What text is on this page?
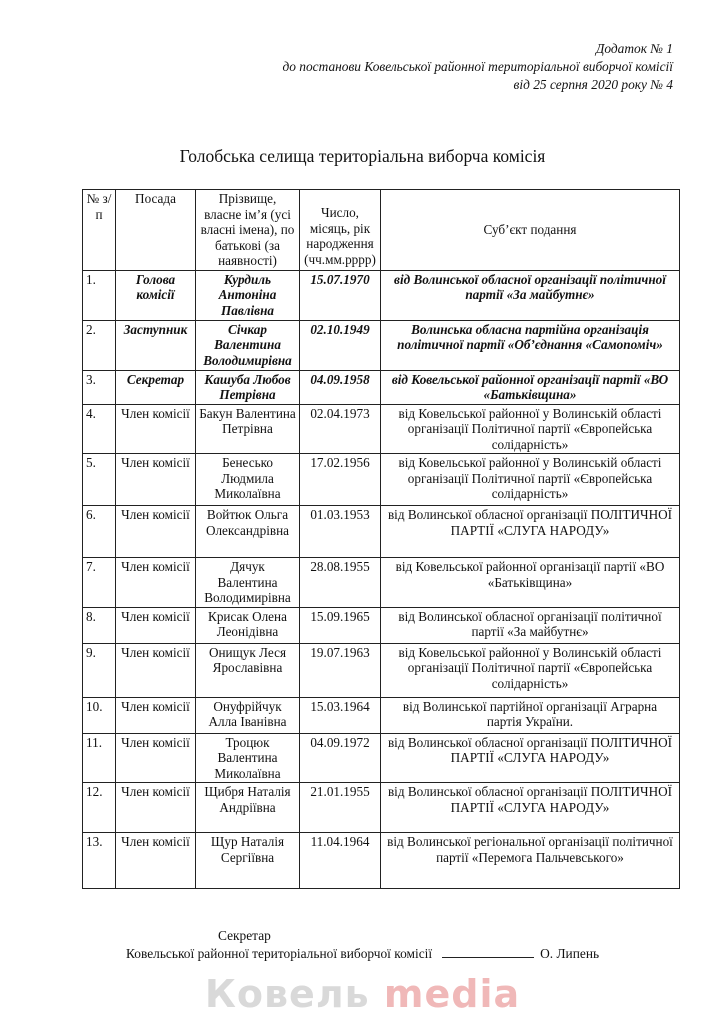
Додаток № 1
до постанови Ковельської районної територіальної виборчої комісії
від 25 серпня 2020 року № 4
Голобська селища територіальна виборча комісія
№ з/п	Посада	Прізвище, власне ім’я (усі власні імена), по батькові (за наявності)	Число, місяць, рік народження (чч.мм.рррр)	Суб’єкт подання
1.	Голова комісії	Курдиль Антоніна Павлівна	15.07.1970	від Волинської обласної організації політичної партії «За майбутнє»
2.	Заступник	Січкар Валентина Володимирівна	02.10.1949	Волинська обласна партійна організація політичної партії «Об’єднання «Самопоміч»
3.	Секретар	Кашуба Любов Петрівна	04.09.1958	від Ковельської районної організації партії «ВО «Батьківщина»
4.	Член комісії	Бакун Валентина Петрівна	02.04.1973	від Ковельської районної у Волинській області організації Політичної партії «Європейська солідарність»
5.	Член комісії	Бенесько Людмила Миколаївна	17.02.1956	від Ковельської районної у Волинській області організації Політичної партії «Європейська солідарність»
6.	Член комісії	Войтюк Ольга Олександрівна	01.03.1953	від Волинської обласної організації ПОЛІТИЧНОЇ ПАРТІЇ «СЛУГА НАРОДУ»
7.	Член комісії	Дячук Валентина Володимирівна	28.08.1955	від Ковельської районної організації партії «ВО «Батьківщина»
8.	Член комісії	Крисак Олена Леонідівна	15.09.1965	від Волинської обласної організації політичної партії «За майбутнє»
9.	Член комісії	Онищук Леся Ярославівна	19.07.1963	від Ковельської районної у Волинській області організації Політичної партії «Європейська солідарність»
10.	Член комісії	Онуфрійчук Алла Іванівна	15.03.1964	від Волинської партійної організації Аграрна партія України.
11.	Член комісії	Троцюк Валентина Миколаївна	04.09.1972	від Волинської обласної організації ПОЛІТИЧНОЇ ПАРТІЇ «СЛУГА НАРОДУ»
12.	Член комісії	Щибря Наталія Андріївна	21.01.1955	від Волинської обласної організації ПОЛІТИЧНОЇ ПАРТІЇ «СЛУГА НАРОДУ»
13.	Член комісії	Щур Наталія Сергіївна	11.04.1964	від Волинської регіональної організації політичної партії «Перемога Пальчевського»
Секретар
Ковельської районної територіальної виборчої комісії	О. Липень
Ковель media
